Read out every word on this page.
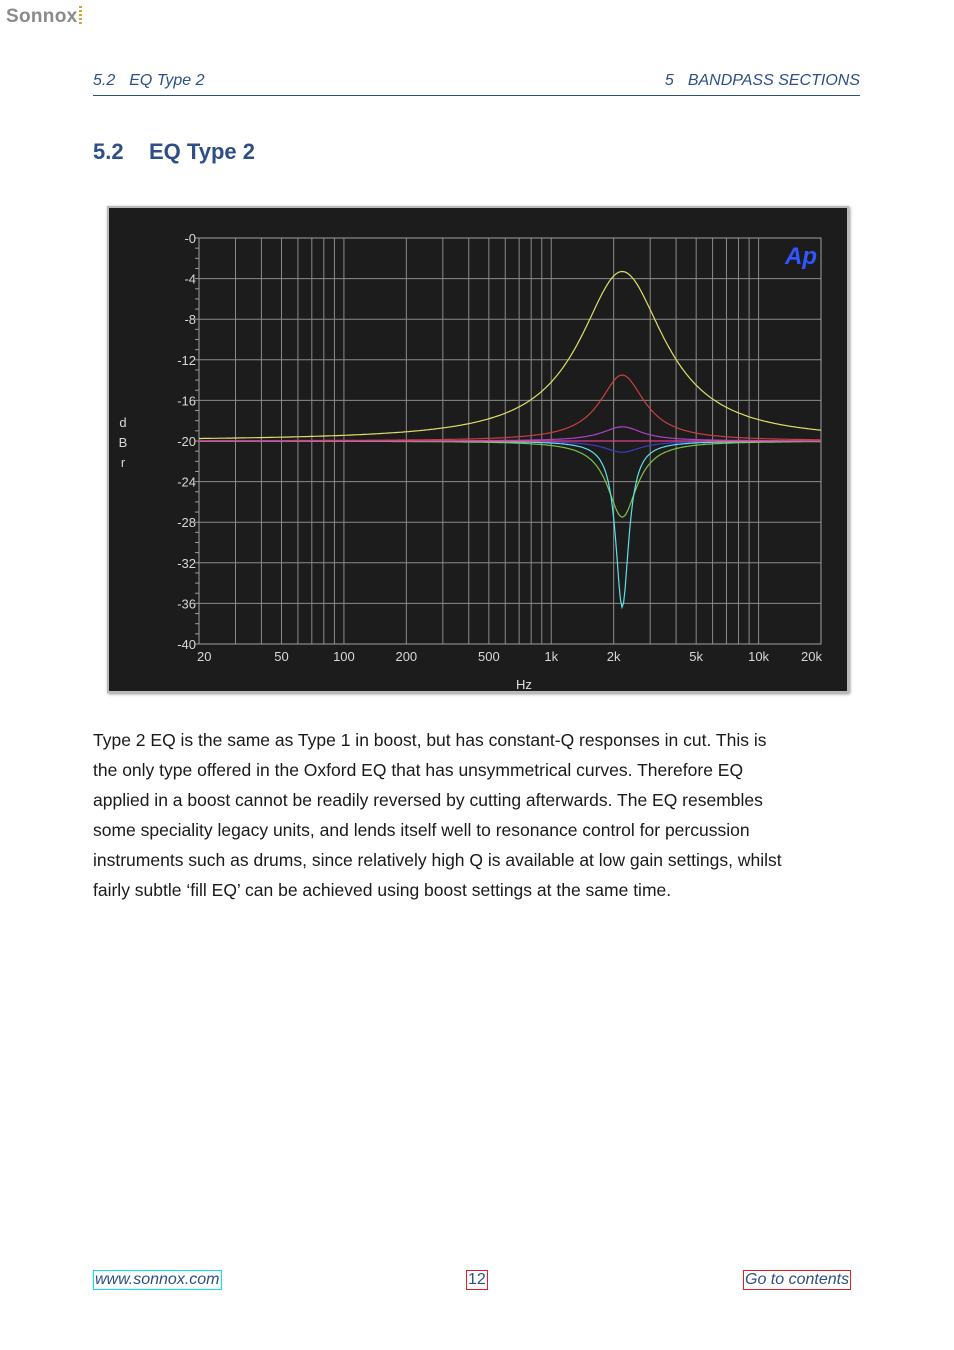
Sonnox
5.2 EQ Type 2	5 BANDPASS SECTIONS
5.2 EQ Type 2
-0
-4
-8
-12
-16
-20
-24
-28
-32
-36
-40
20	50	100	200	500	1k	2k	5k	10k 20k
Hz
d
B
r
Ap
Type 2 EQ is the same as Type 1 in boost, but has constant-Q responses in cut. This is
the only type offered in the Oxford EQ that has unsymmetrical curves. Therefore EQ
applied in a boost cannot be readily reversed by cutting afterwards. The EQ resembles
some speciality legacy units, and lends itself well to resonance control for percussion
instruments such as drums, since relatively high Q is available at low gain settings, whilst
fairly subtle ‘fill EQ’ can be achieved using boost settings at the same time.
www.sonnox.com	12	Go to contents
